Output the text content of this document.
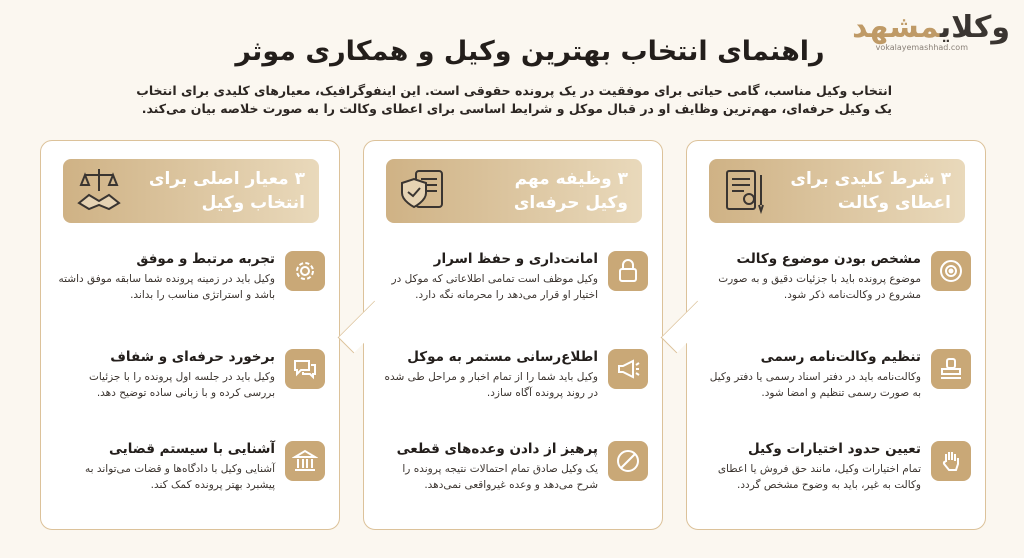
وکلایمشهد
vokalayemashhad.com
راهنمای انتخاب بهترین وکیل و همکاری موثر

انتخاب وکیل مناسب، گامی حیاتی برای موفقیت در یک پرونده حقوقی است. این اینفوگرافیک، معیارهای کلیدی برای انتخاب یک وکیل حرفه‌ای، مهم‌ترین وظایف او در قبال موکل و شرایط اساسی برای اعطای وکالت را به صورت خلاصه بیان می‌کند.

۳ شرط کلیدی برای
اعطای وکالت
مشخص بودن موضوع وکالت
موضوع پرونده باید با جزئیات دقیق و به صورت مشروع در وکالت‌نامه ذکر شود.
تنظیم وکالت‌نامه رسمی
وکالت‌نامه باید در دفتر اسناد رسمی یا دفتر وکیل به صورت رسمی تنظیم و امضا شود.
تعیین حدود اختیارات وکیل
تمام اختیارات وکیل، مانند حق فروش یا اعطای وکالت به غیر، باید به وضوح مشخص گردد.
۳ وظیفه مهم
وکیل حرفه‌ای
امانت‌داری و حفظ اسرار
وکیل موظف است تمامی اطلاعاتی که موکل در اختیار او قرار می‌دهد را محرمانه نگه دارد.
اطلاع‌رسانی مستمر به موکل
وکیل باید شما را از تمام اخبار و مراحل طی شده در روند پرونده آگاه سازد.
پرهیز از دادن وعده‌های قطعی
یک وکیل صادق تمام احتمالات نتیجه پرونده را شرح می‌دهد و وعده غیرواقعی نمی‌دهد.
۳ معیار اصلی برای
انتخاب وکیل
تجربه مرتبط و موفق
وکیل باید در زمینه پرونده شما سابقه موفق داشته باشد و استراتژی مناسب را بداند.
برخورد حرفه‌ای و شفاف
وکیل باید در جلسه اول پرونده را با جزئیات بررسی کرده و با زبانی ساده توضیح دهد.
آشنایی با سیستم قضایی
آشنایی وکیل با دادگاه‌ها و قضات می‌تواند به پیشبرد بهتر پرونده کمک کند.
